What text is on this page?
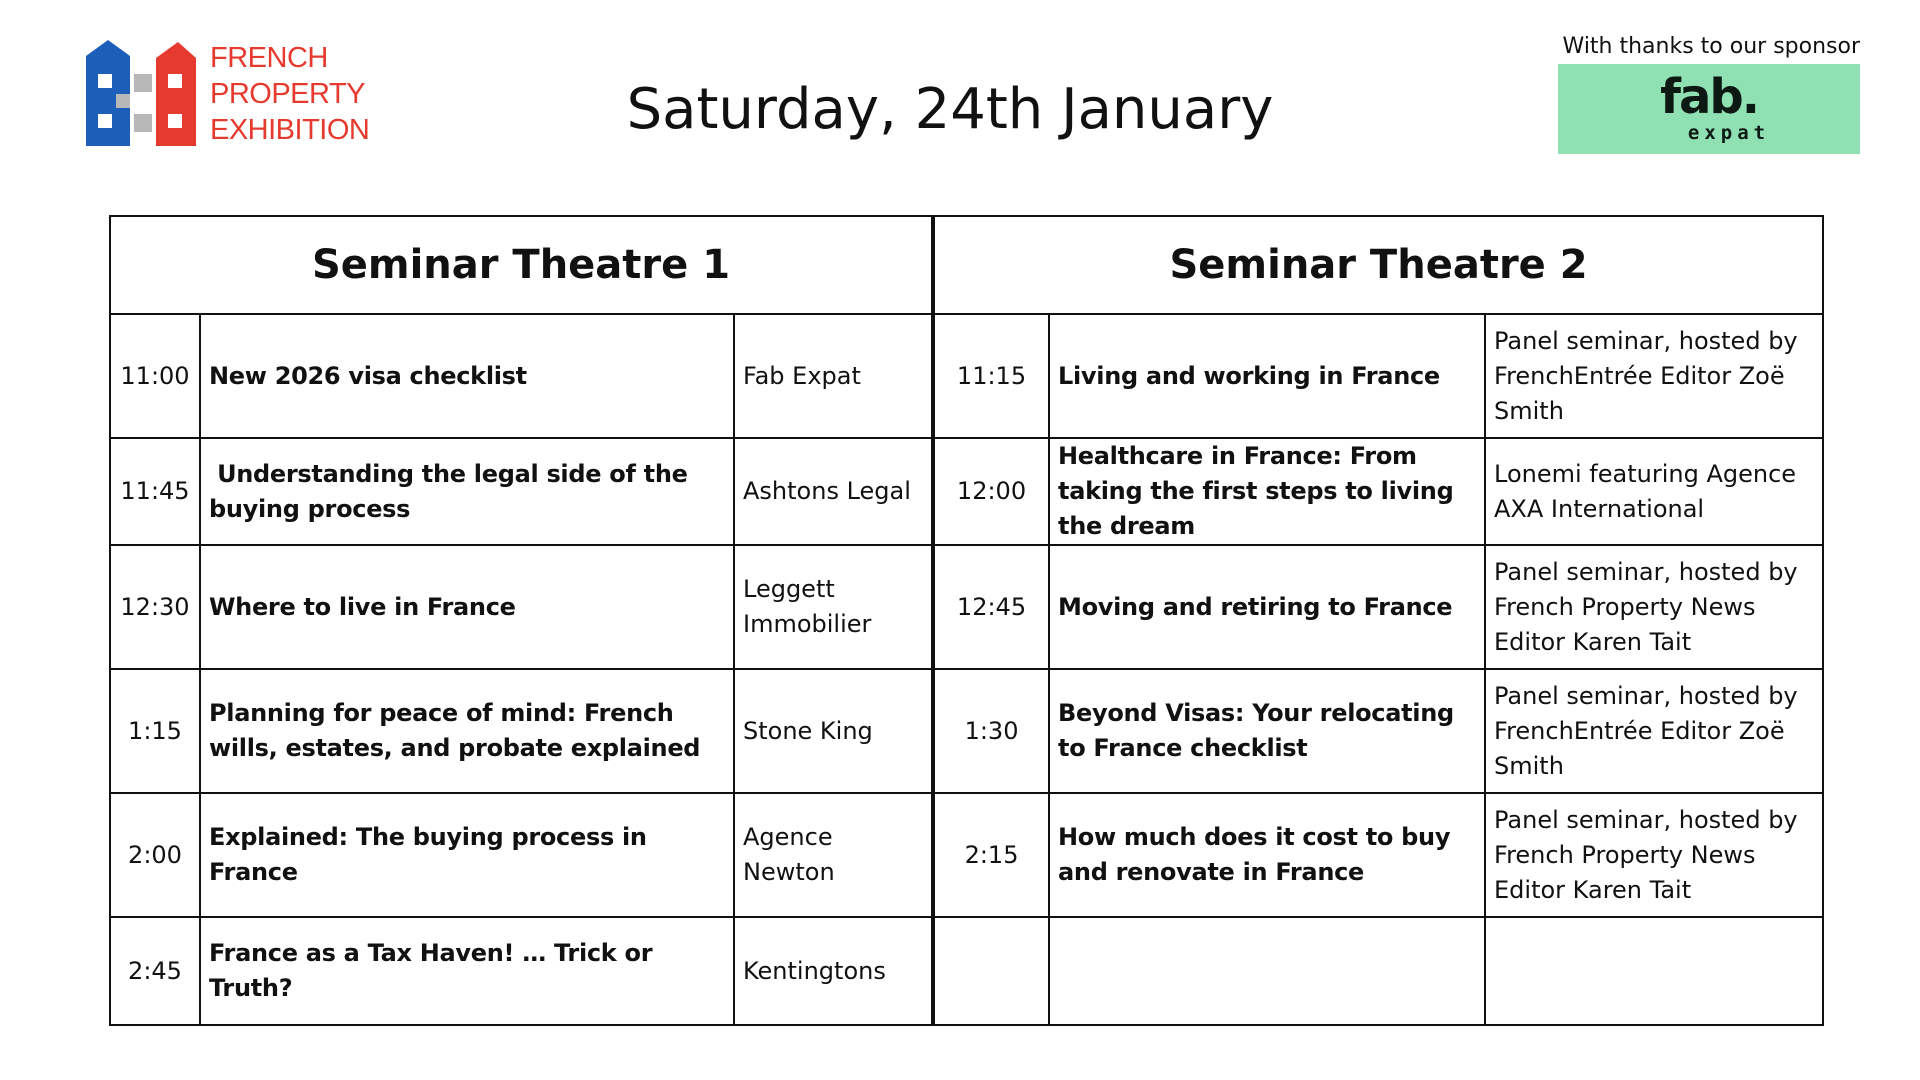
FRENCH
PROPERTY
EXHIBITION	Saturday, 24th January
With thanks to our sponsor
fab.
expat
Seminar Theatre 1			Seminar Theatre 2		
11:00	New 2026 visa checklist	Fab Expat	11:15	Living and working in France	Panel seminar, hosted by FrenchEntrée Editor Zoë Smith
11:45	Understanding the legal side of the buying process	Ashtons Legal	12:00	Healthcare in France: From taking the first steps to living the dream	Lonemi featuring Agence AXA International
12:30	Where to live in France	Leggett Immobilier	12:45	Moving and retiring to France	Panel seminar, hosted by French Property News Editor Karen Tait
1:15	Planning for peace of mind: French wills, estates, and probate explained	Stone King	1:30	Beyond Visas: Your relocating to France checklist	Panel seminar, hosted by FrenchEntrée Editor Zoë Smith
2:00	Explained: The buying process in France	Agence Newton	2:15	How much does it cost to buy and renovate in France	Panel seminar, hosted by French Property News Editor Karen Tait
2:45	France as a Tax Haven! … Trick or Truth?	Kentingtons			
